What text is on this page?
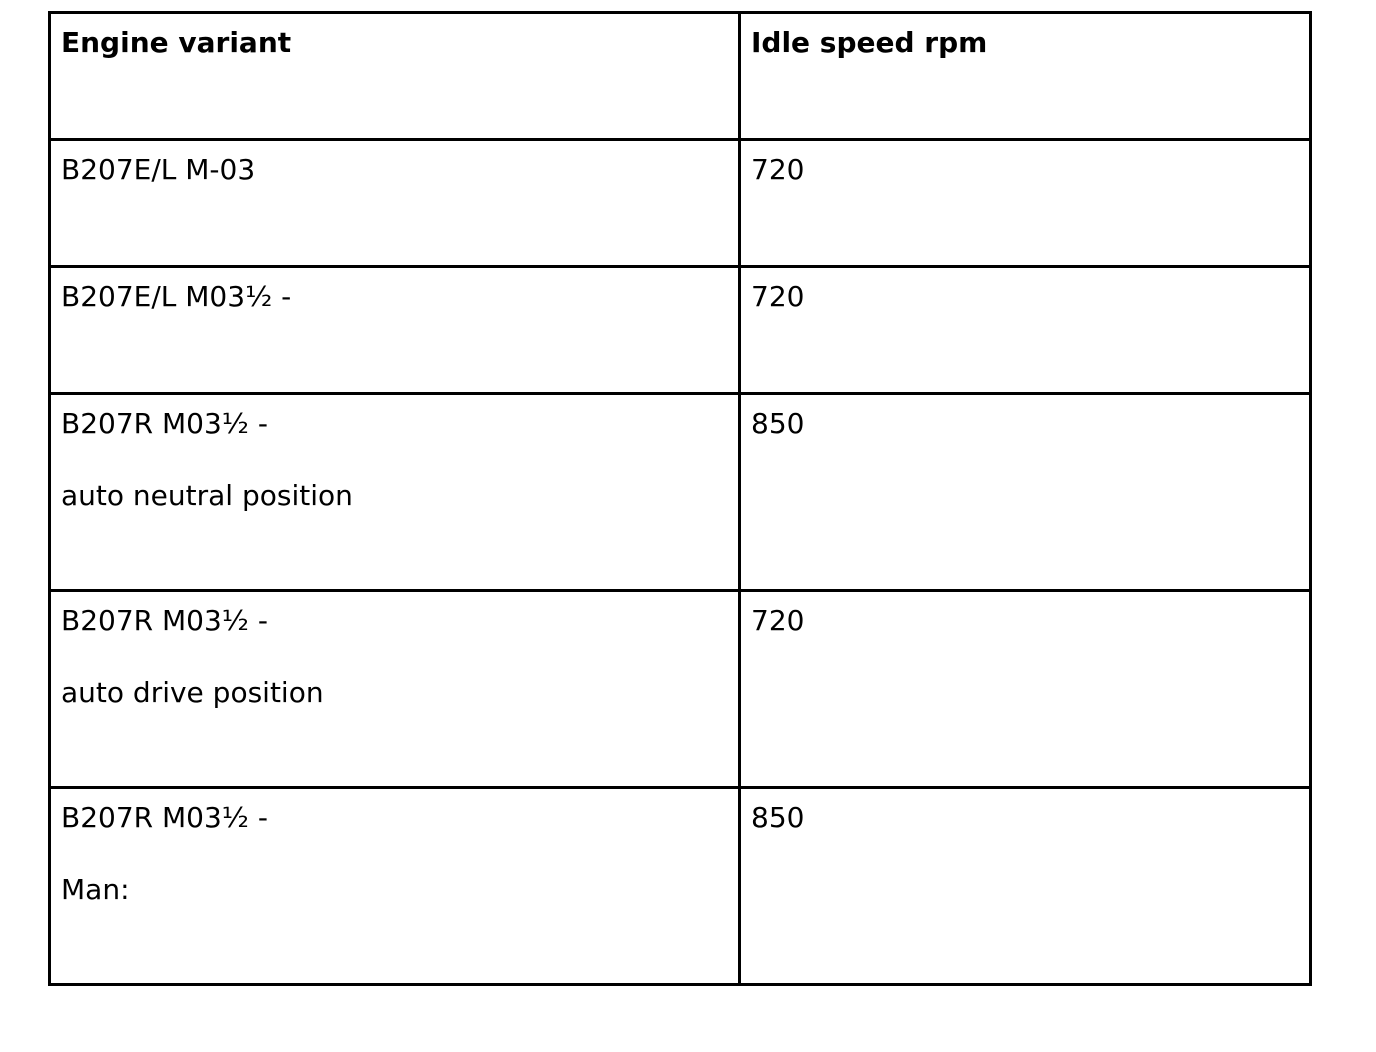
Engine variant	Idle speed rpm
B207E/L M-03	720
B207E/L M03½ -	720
B207R M03½ -
auto neutral position	850
B207R M03½ -
auto drive position	720
B207R M03½ -
Man:	850
